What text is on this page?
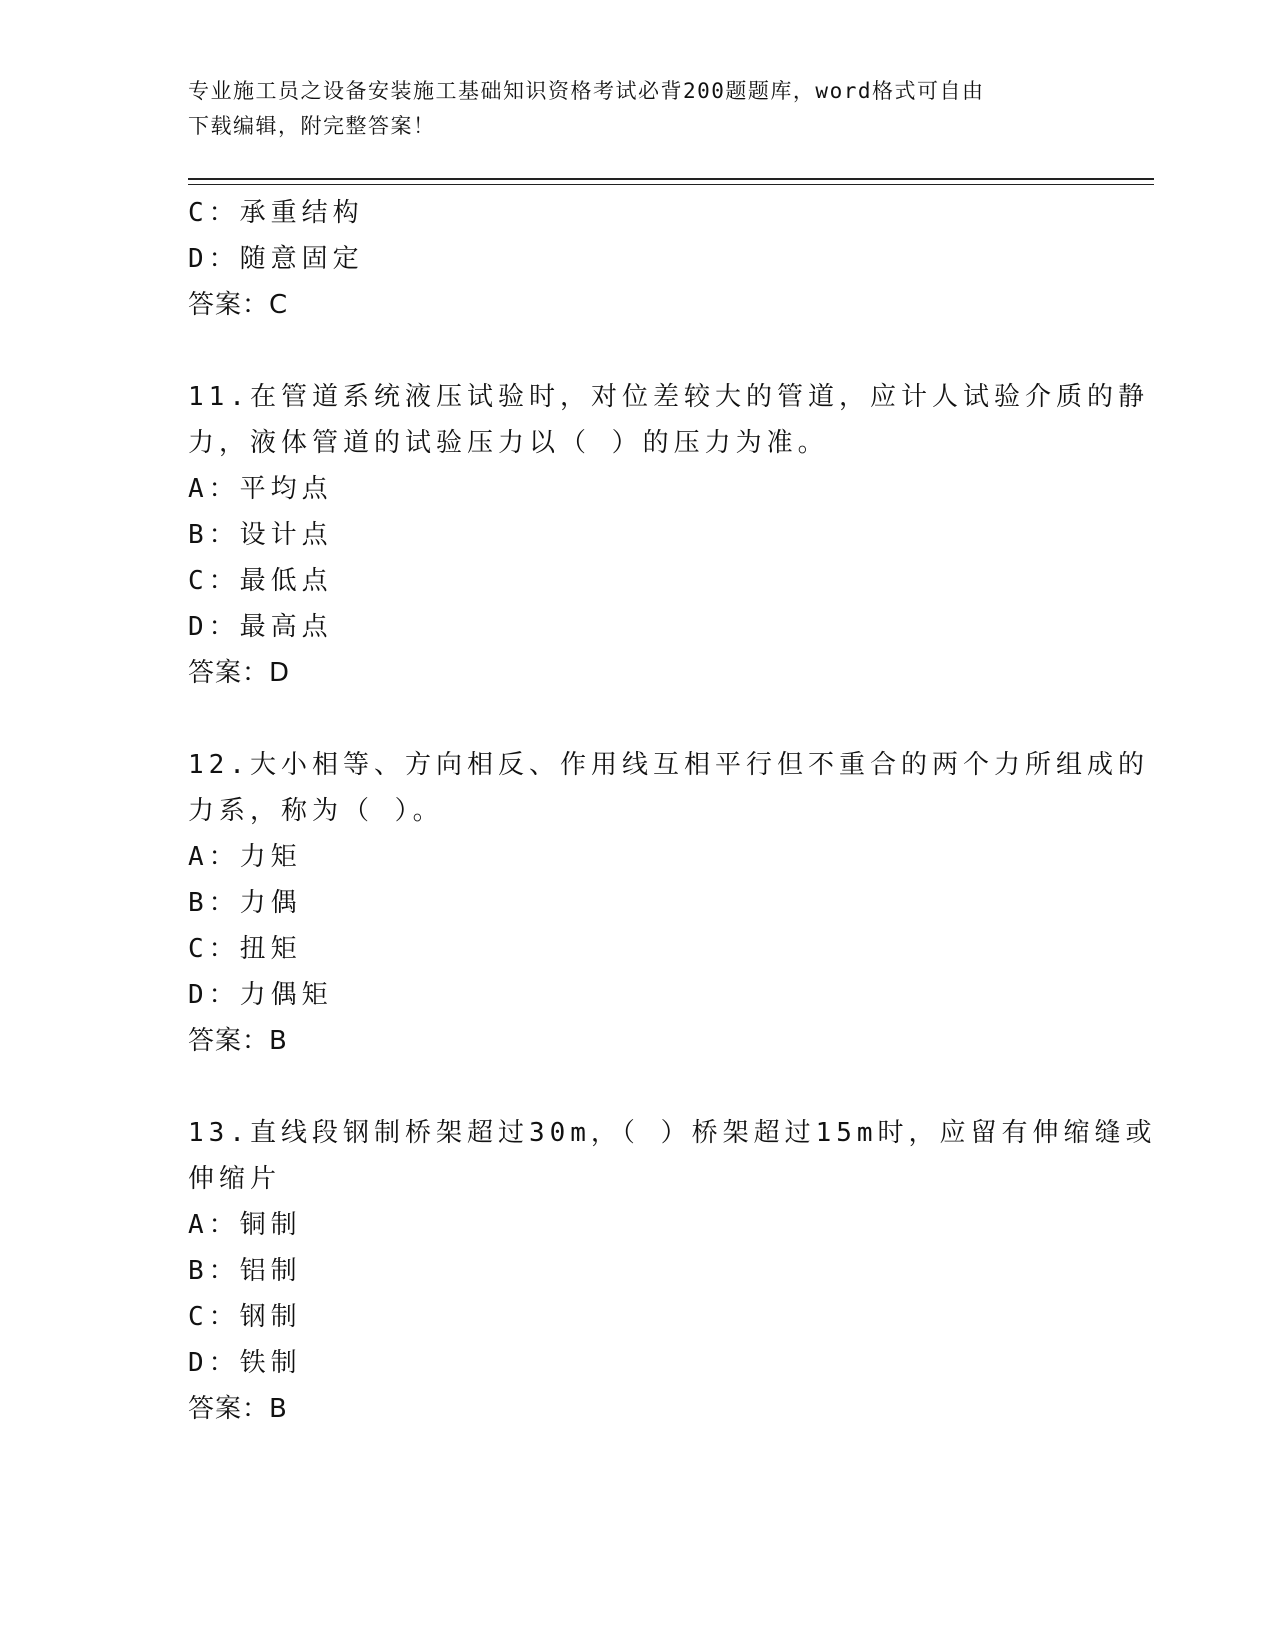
专业施工员之设备安装施工基础知识资格考试必背200题题库，word格式可自由
下载编辑，附完整答案！
C：承重结构
D：随意固定
答案：C
11.在管道系统液压试验时，对位差较大的管道，应计人试验介质的静
力，液体管道的试验压力以（ ）的压力为准。
A：平均点
B：设计点
C：最低点
D：最高点
答案：D
12.大小相等、方向相反、作用线互相平行但不重合的两个力所组成的
力系，称为（ ）。
A：力矩
B：力偶
C：扭矩
D：力偶矩
答案：B
13.直线段钢制桥架超过30m，（ ）桥架超过15m时，应留有伸缩缝或
伸缩片
A：铜制
B：铝制
C：钢制
D：铁制
答案：B
